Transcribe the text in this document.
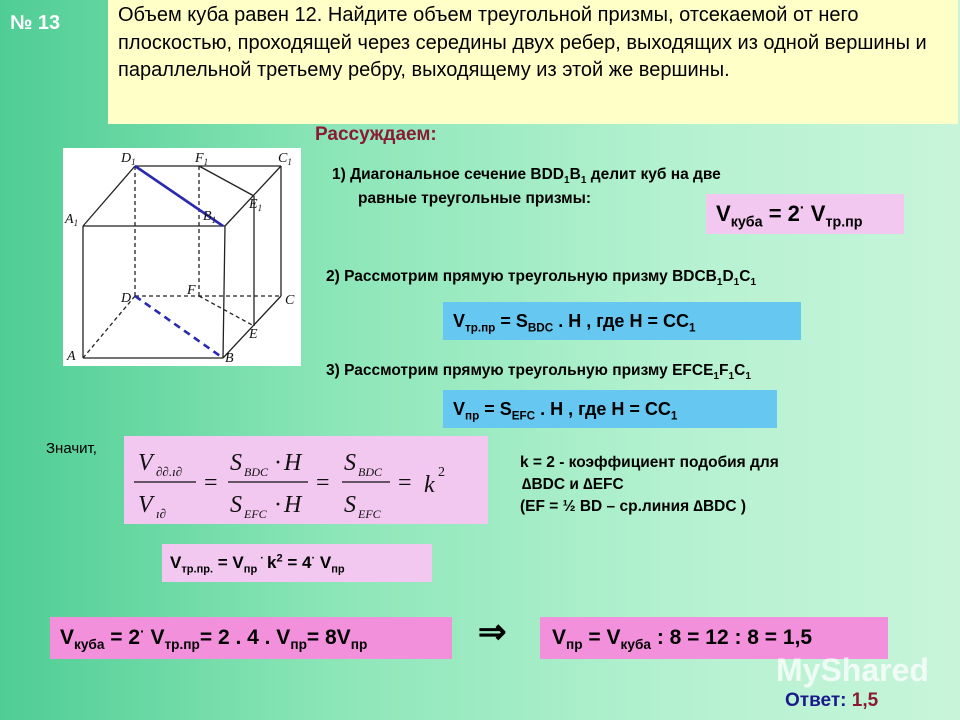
№ 13	Объем куба равен 12. Найдите объем треугольной призмы, отсекаемой от него плоскостью, проходящей через середины двух ребер, выходящих из одной вершины и параллельной третьему ребру, выходящему из этой же вершины.
Рассуждаем:
$D_1$	$F_1$	$C_1$
$B_1$
$E_1$
$A_1$
D
F
C
E
A	B
1) Диагональное сечение $BDD_1B_1$ делит куб на две
равные треугольные призмы:
$V_{куба} = 2^\cdot$ $V_{тр.пр}$
2) Рассмотрим прямую треугольную призму $BDCB_1D_1C_1$
$V_{тр.пр} = S_{BDC}$ . H , где $H = CC_1$
3) Рассмотрим прямую треугольную призму $EFCE_1F_1C_1$
$V_{пр} = S_{EFC}$ . H , где $H = CC_1$
Значит,
V ∂∂.ı∂
V ı∂
=
S BDC · H
S EFC · H
=
S BDC
S EFC
= k 2
k = 2 - коэффициент подобия для
∆BDC и ∆EFC
(EF = ½ BD – ср.линия ∆BDC )
$V_{тр.пр.} = V_{пр}$ · $k^2 = 4^\cdot$ $V_{пр}$
$V_{куба} = 2^\cdot$ $V_{тр.пр}= 2$ . 4 . $V_{пр}= 8V_{пр}$	⇒	$V_{пр} = V_{куба}$ : 8 = 12 : 8 = 1,5
MyShared
Ответ: 1,5
